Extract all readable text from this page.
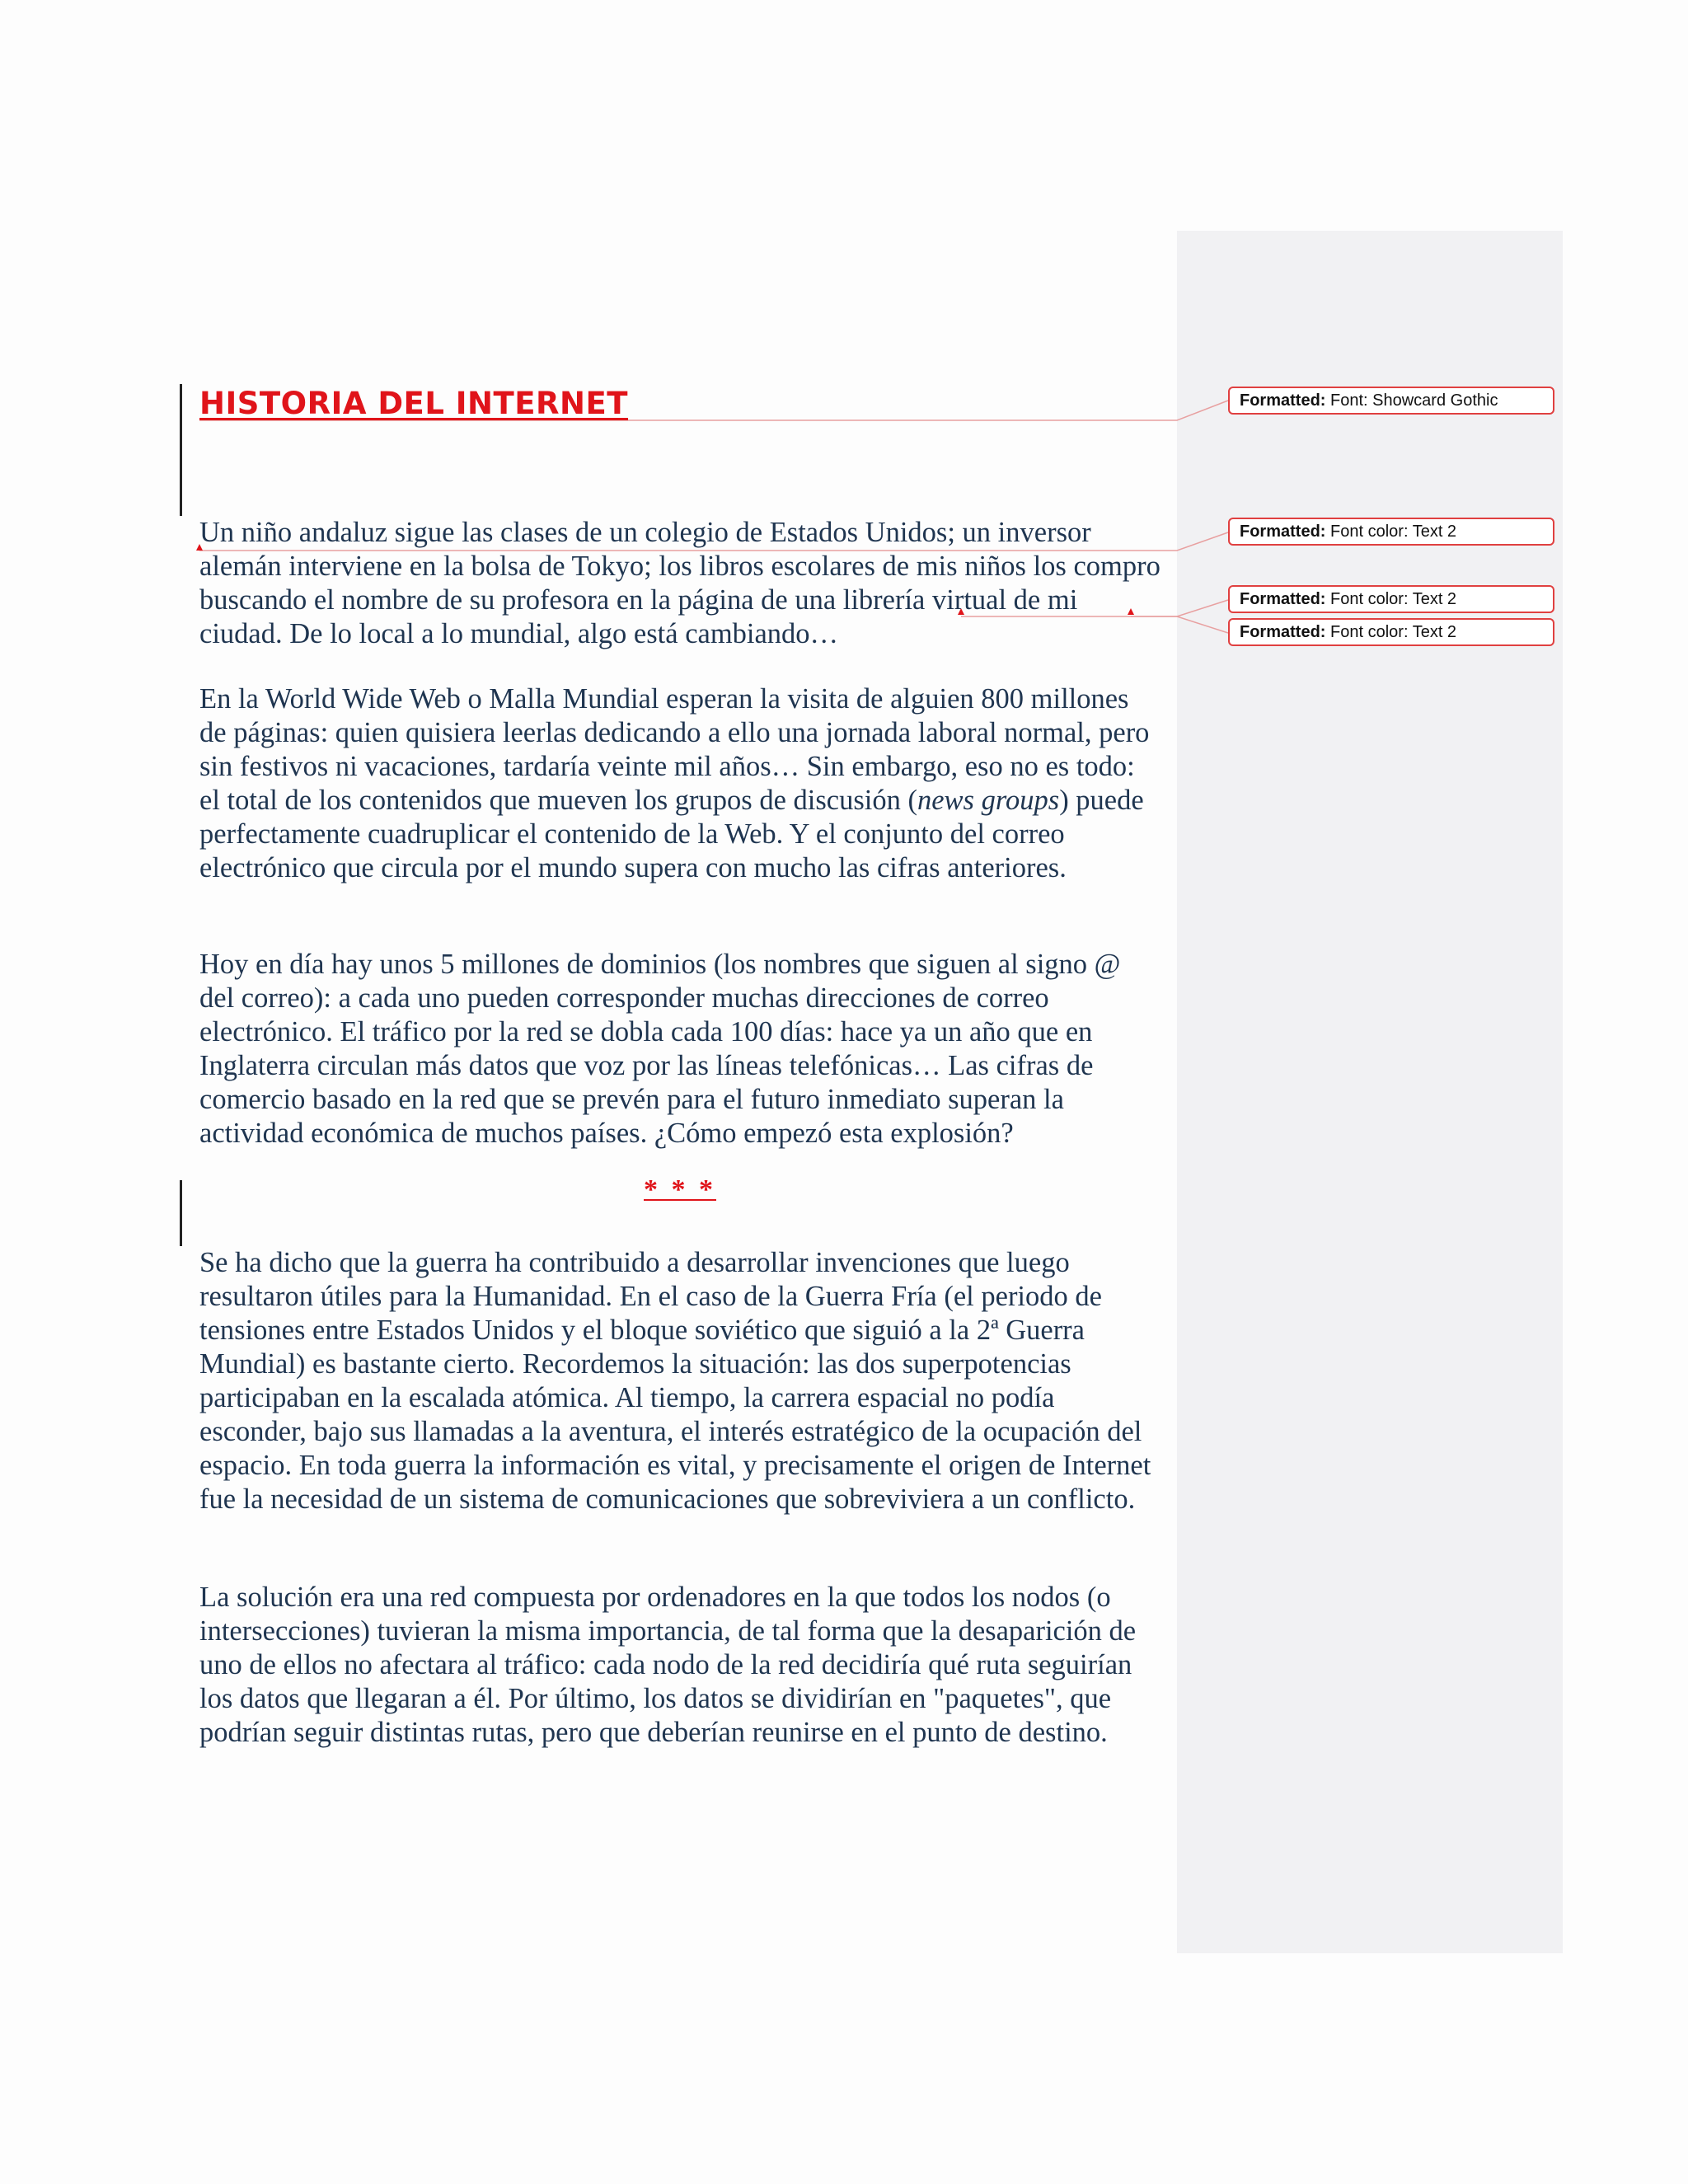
HISTORIA DEL INTERNET

Un niño andaluz sigue las clases de un colegio de Estados Unidos; un inversor alemán interviene en la bolsa de Tokyo; los libros escolares de mis niños los compro buscando el nombre de su profesora en la página de una librería virtual de mi ciudad. De lo local a lo mundial, algo está cambiando…

En la World Wide Web o Malla Mundial esperan la visita de alguien 800 millones de páginas: quien quisiera leerlas dedicando a ello una jornada laboral normal, pero sin festivos ni vacaciones, tardaría veinte mil años… Sin embargo, eso no es todo: el total de los contenidos que mueven los grupos de discusión (news groups) puede perfectamente cuadruplicar el contenido de la Web. Y el conjunto del correo electrónico que circula por el mundo supera con mucho las cifras anteriores.

Hoy en día hay unos 5 millones de dominios (los nombres que siguen al signo @ del correo): a cada uno pueden corresponder muchas direcciones de correo electrónico. El tráfico por la red se dobla cada 100 días: hace ya un año que en Inglaterra circulan más datos que voz por las líneas telefónicas… Las cifras de comercio basado en la red que se prevén para el futuro inmediato superan la actividad económica de muchos países. ¿Cómo empezó esta explosión?

* * *

Se ha dicho que la guerra ha contribuido a desarrollar invenciones que luego resultaron útiles para la Humanidad. En el caso de la Guerra Fría (el periodo de tensiones entre Estados Unidos y el bloque soviético que siguió a la 2ª Guerra Mundial) es bastante cierto. Recordemos la situación: las dos superpotencias participaban en la escalada atómica. Al tiempo, la carrera espacial no podía esconder, bajo sus llamadas a la aventura, el interés estratégico de la ocupación del espacio. En toda guerra la información es vital, y precisamente el origen de Internet fue la necesidad de un sistema de comunicaciones que sobreviviera a un conflicto.

La solución era una red compuesta por ordenadores en la que todos los nodos (o intersecciones) tuvieran la misma importancia, de tal forma que la desaparición de uno de ellos no afectara al tráfico: cada nodo de la red decidiría qué ruta seguirían los datos que llegaran a él. Por último, los datos se dividirían en "paquetes", que podrían seguir distintas rutas, pero que deberían reunirse en el punto de destino.

Formatted: Font: Showcard Gothic
Formatted: Font color: Text 2
Formatted: Font color: Text 2
Formatted: Font color: Text 2
